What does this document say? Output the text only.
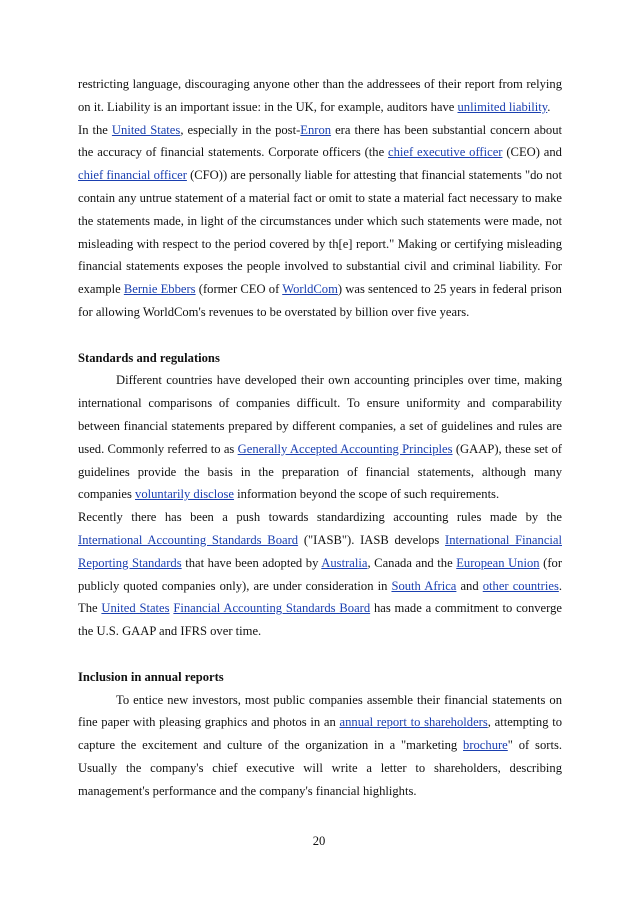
restricting language, discouraging anyone other than the addressees of their report from relying on it. Liability is an important issue: in the UK, for example, auditors have unlimited liability.

In the United States, especially in the post-Enron era there has been substantial concern about the accuracy of financial statements. Corporate officers (the chief executive officer (CEO) and chief financial officer (CFO)) are personally liable for attesting that financial statements "do not contain any untrue statement of a material fact or omit to state a material fact necessary to make the statements made, in light of the circumstances under which such statements were made, not misleading with respect to the period covered by th[e] report." Making or certifying misleading financial statements exposes the people involved to substantial civil and criminal liability. For example Bernie Ebbers (former CEO of WorldCom) was sentenced to 25 years in federal prison for allowing WorldCom's revenues to be overstated by billion over five years.

Standards and regulations

Different countries have developed their own accounting principles over time, making international comparisons of companies difficult. To ensure uniformity and comparability between financial statements prepared by different companies, a set of guidelines and rules are used. Commonly referred to as Generally Accepted Accounting Principles (GAAP), these set of guidelines provide the basis in the preparation of financial statements, although many companies voluntarily disclose information beyond the scope of such requirements.

Recently there has been a push towards standardizing accounting rules made by the International Accounting Standards Board ("IASB"). IASB develops International Financial Reporting Standards that have been adopted by Australia, Canada and the European Union (for publicly quoted companies only), are under consideration in South Africa and other countries. The United States Financial Accounting Standards Board has made a commitment to converge the U.S. GAAP and IFRS over time.

Inclusion in annual reports

To entice new investors, most public companies assemble their financial statements on fine paper with pleasing graphics and photos in an annual report to shareholders, attempting to capture the excitement and culture of the organization in a "marketing brochure" of sorts. Usually the company's chief executive will write a letter to shareholders, describing management's performance and the company's financial highlights.

20
